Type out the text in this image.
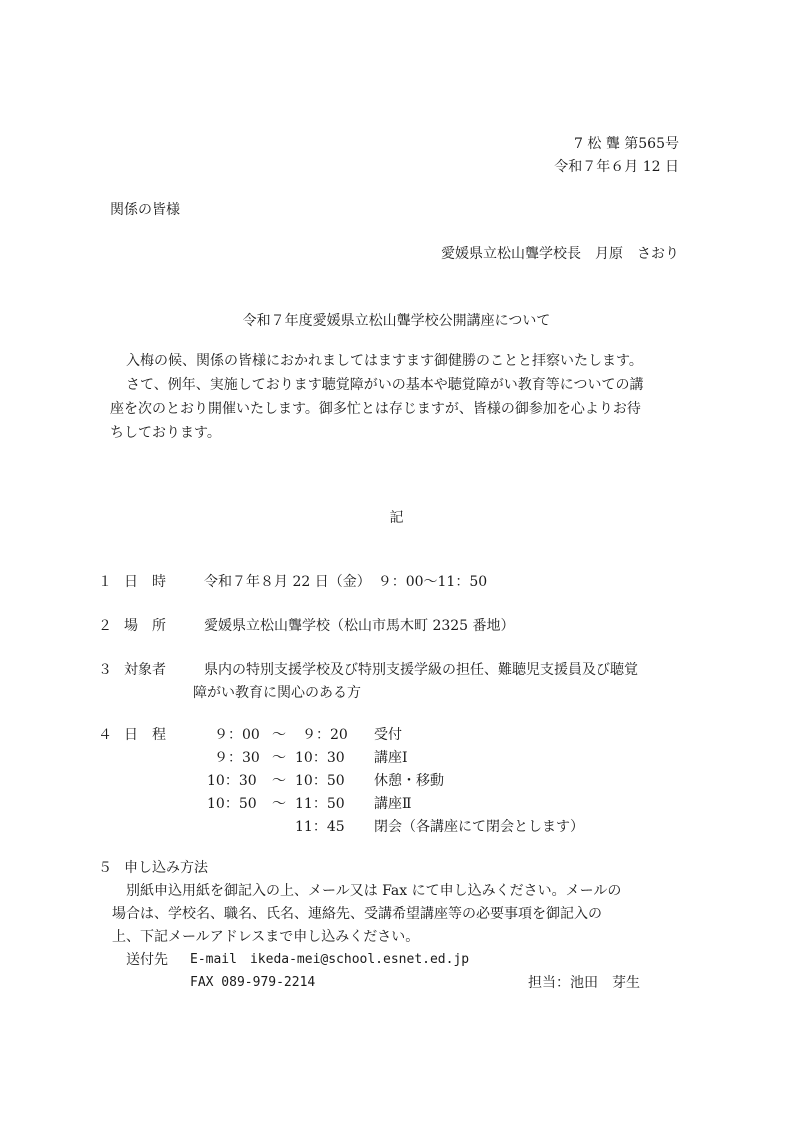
7 松 聾 第565号
令和７年６月 12 日
関係の皆様
愛媛県立松山聾学校長　月原　さおり
令和７年度愛媛県立松山聾学校公開講座について
入梅の候、関係の皆様におかれましてはますます御健勝のことと拝察いたします。
さて、例年、実施しております聴覚障がいの基本や聴覚障がい教育等についての講
座を次のとおり開催いたします。御多忙とは存じますが、皆様の御参加を心よりお待
ちしております。
記
１ 日　時	令和７年８月 22 日（金）　９：00～11：50
２ 場　所	愛媛県立松山聾学校（松山市馬木町 2325 番地）
３ 対象者	県内の特別支援学校及び特別支援学級の担任、難聴児支援員及び聴覚
障がい教育に関心のある方
４ 日　程	９：00 ～ ９：20 受付
９：30 ～ 10：30 講座Ⅰ
10：30 ～ 10：50 休憩・移動
10：50 ～ 11：50 講座Ⅱ
11：45 閉会（各講座にて閉会とします）
５ 申し込み方法
別紙申込用紙を御記入の上、メール又は Fax にて申し込みください。メールの
場合は、学校名、職名、氏名、連絡先、受講希望講座等の必要事項を御記入の
上、下記メールアドレスまで申し込みください。
送付先 E-mail　ikeda-mei@school.esnet.ed.jp
FAX 089-979-2214	担当：池田　芽生
